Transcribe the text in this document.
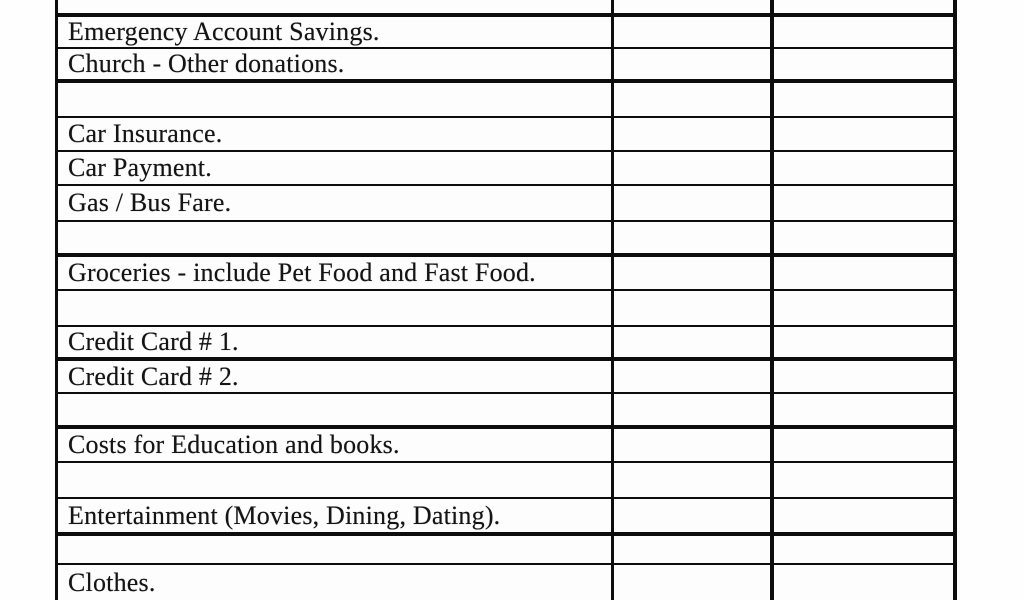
Emergency Account Savings.
Church - Other donations.
Car Insurance.
Car Payment.
Gas / Bus Fare.
Groceries - include Pet Food and Fast Food.
Credit Card # 1.
Credit Card # 2.
Costs for Education and books.
Entertainment (Movies, Dining, Dating).
Clothes.
